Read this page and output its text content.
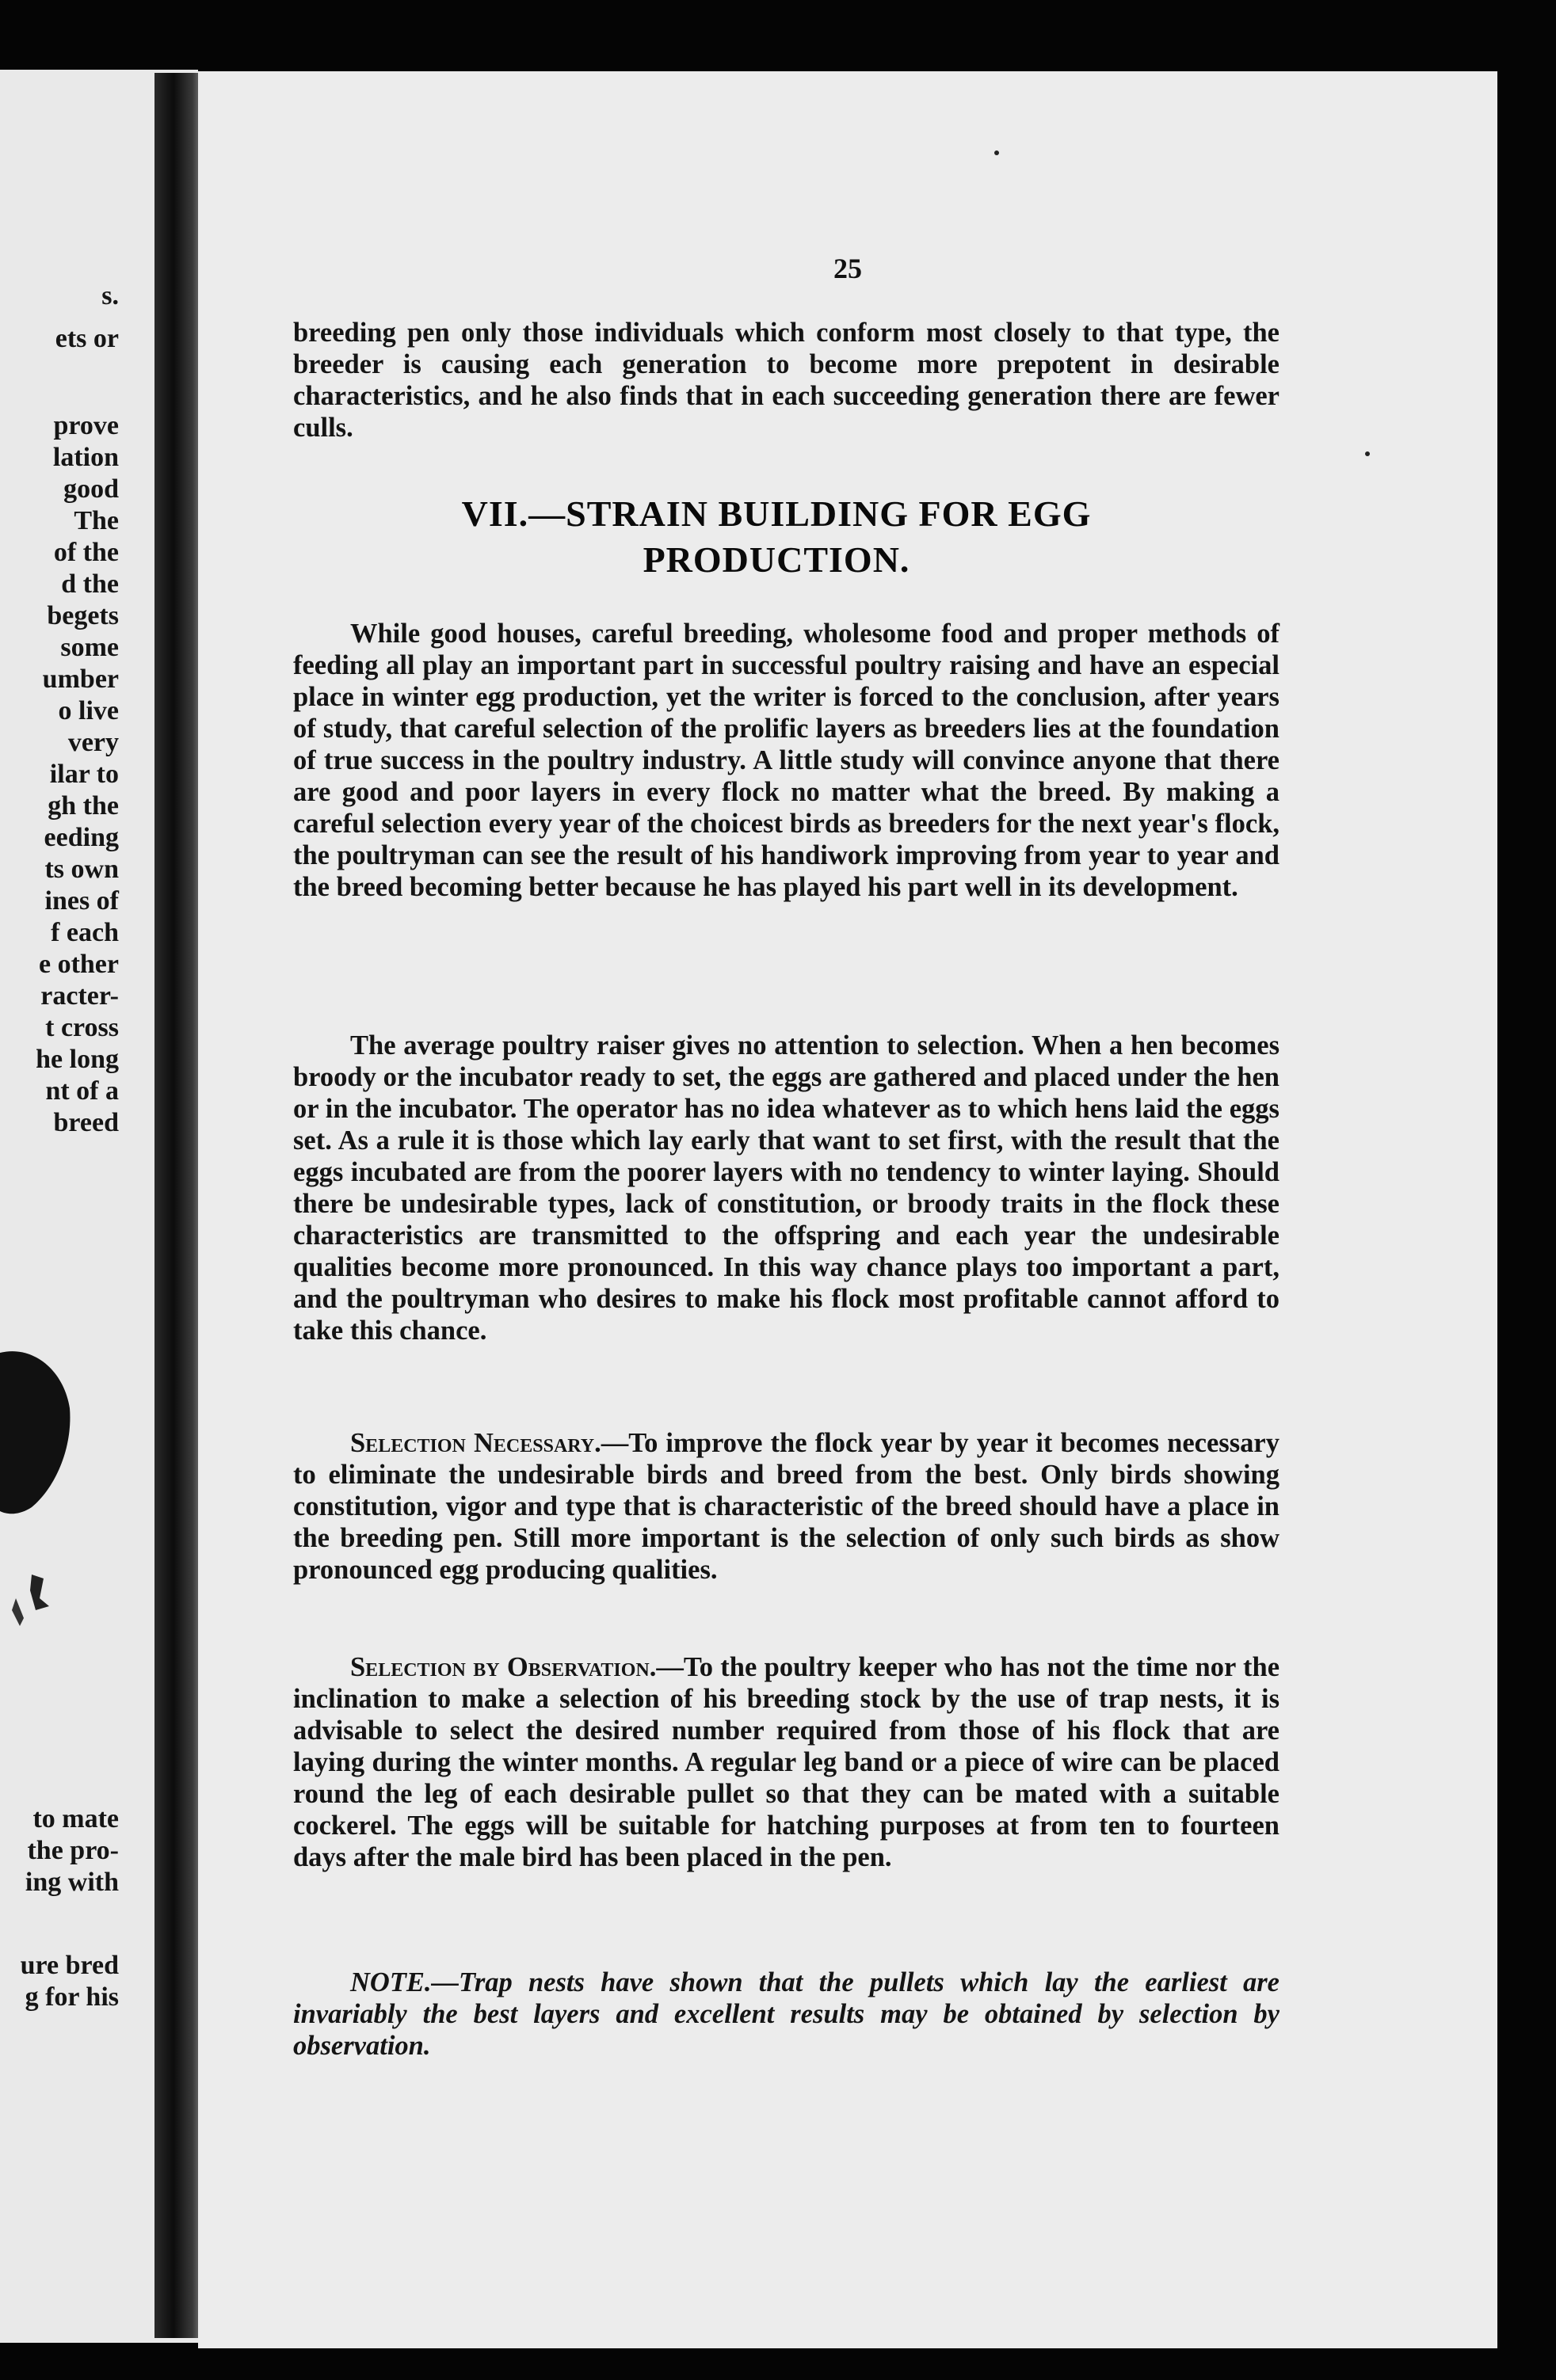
s.
ets or
prove
lation
good
The
of the
d the
begets
some
umber
o live
very
ilar to
gh the
eeding
ts own
ines of
f each
e other
racter-
t cross
he long
nt of a
breed
to mate
the pro-
ing with
ure bred
g for his
25

breeding pen only those individuals which conform most closely to that type, the breeder is causing each generation to become more prepotent in desirable characteristics, and he also finds that in each succeeding generation there are fewer culls.

VII.—STRAIN BUILDING FOR EGG
PRODUCTION.

While good houses, careful breeding, wholesome food and proper methods of feeding all play an important part in successful poultry raising and have an especial place in winter egg production, yet the writer is forced to the conclusion, after years of study, that careful selection of the prolific layers as breeders lies at the foundation of true success in the poultry industry. A little study will convince anyone that there are good and poor layers in every flock no matter what the breed. By making a careful selection every year of the choicest birds as breeders for the next year's flock, the poultryman can see the result of his handiwork improving from year to year and the breed becoming better because he has played his part well in its development.

The average poultry raiser gives no attention to selection. When a hen becomes broody or the incubator ready to set, the eggs are gathered and placed under the hen or in the incubator. The operator has no idea whatever as to which hens laid the eggs set. As a rule it is those which lay early that want to set first, with the result that the eggs incubated are from the poorer layers with no tendency to winter laying. Should there be undesirable types, lack of constitution, or broody traits in the flock these characteristics are transmitted to the offspring and each year the undesirable qualities become more pronounced. In this way chance plays too important a part, and the poultryman who desires to make his flock most profitable cannot afford to take this chance.

Selection Necessary.—To improve the flock year by year it becomes necessary to eliminate the undesirable birds and breed from the best. Only birds showing constitution, vigor and type that is characteristic of the breed should have a place in the breeding pen. Still more important is the selection of only such birds as show pronounced egg producing qualities.

Selection by Observation.—To the poultry keeper who has not the time nor the inclination to make a selection of his breeding stock by the use of trap nests, it is advisable to select the desired number required from those of his flock that are laying during the winter months. A regular leg band or a piece of wire can be placed round the leg of each desirable pullet so that they can be mated with a suitable cockerel. The eggs will be suitable for hatching purposes at from ten to fourteen days after the male bird has been placed in the pen.

NOTE.—Trap nests have shown that the pullets which lay the earliest are invariably the best layers and excellent results may be obtained by selection by observation.
